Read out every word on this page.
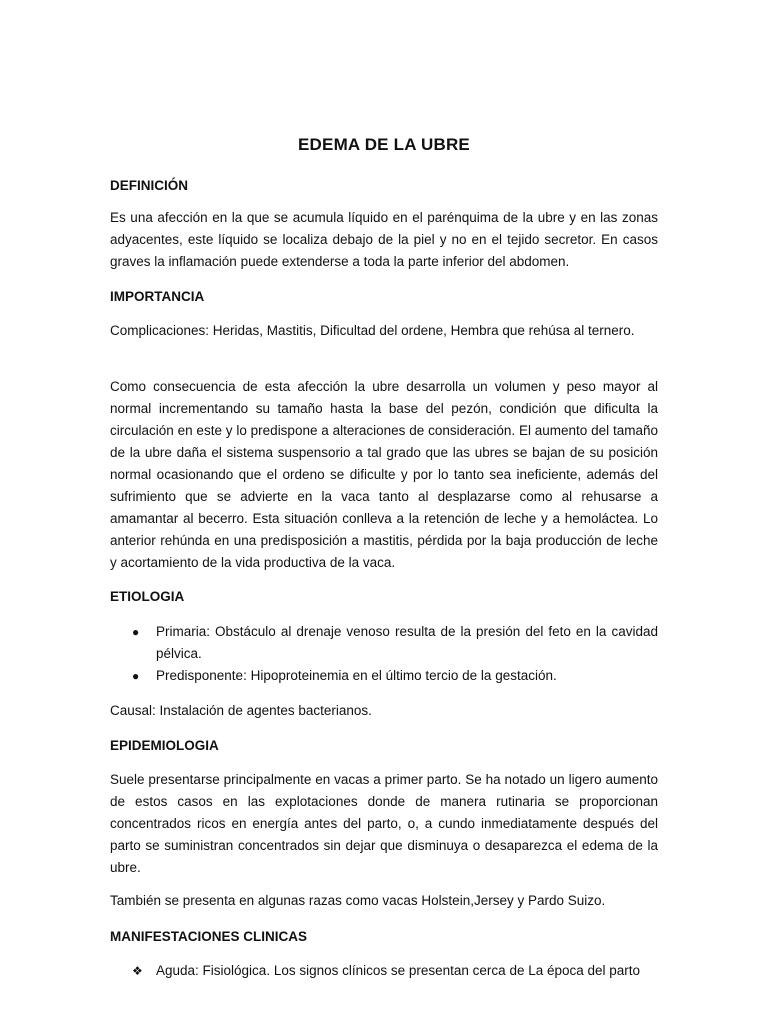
EDEMA DE LA UBRE
DEFINICIÓN
Es una afección en la que se acumula líquido en el parénquima de la ubre y en las zonas adyacentes, este líquido se localiza debajo de la piel y no en el tejido secretor. En casos graves la inflamación puede extenderse a toda la parte inferior del abdomen.
IMPORTANCIA
Complicaciones: Heridas, Mastitis, Dificultad del ordene, Hembra que rehúsa al ternero.
Como consecuencia de esta afección la ubre desarrolla un volumen y peso mayor al normal incrementando su tamaño hasta la base del pezón, condición que dificulta la circulación en este y lo predispone a alteraciones de consideración. El aumento del tamaño de la ubre daña el sistema suspensorio a tal grado que las ubres se bajan de su posición normal ocasionando que el ordeno se dificulte y por lo tanto sea ineficiente, además del sufrimiento que se advierte en la vaca tanto al desplazarse como al rehusarse a amamantar al becerro. Esta situación conlleva a la retención de leche y a hemoláctea. Lo anterior rehúnda en una predisposición a mastitis, pérdida por la baja producción de leche y acortamiento de la vida productiva de la vaca.
ETIOLOGIA
● Primaria: Obstáculo al drenaje venoso resulta de la presión del feto en la cavidad pélvica.
● Predisponente: Hipoproteinemia en el último tercio de la gestación.
Causal: Instalación de agentes bacterianos.
EPIDEMIOLOGIA
Suele presentarse principalmente en vacas a primer parto. Se ha notado un ligero aumento de estos casos en las explotaciones donde de manera rutinaria se proporcionan concentrados ricos en energía antes del parto, o, a cundo inmediatamente después del parto se suministran concentrados sin dejar que disminuya o desaparezca el edema de la ubre.
También se presenta en algunas razas como vacas Holstein,Jersey y Pardo Suizo.
MANIFESTACIONES CLINICAS
❖ Aguda: Fisiológica. Los signos clínicos se presentan cerca de La época del parto
